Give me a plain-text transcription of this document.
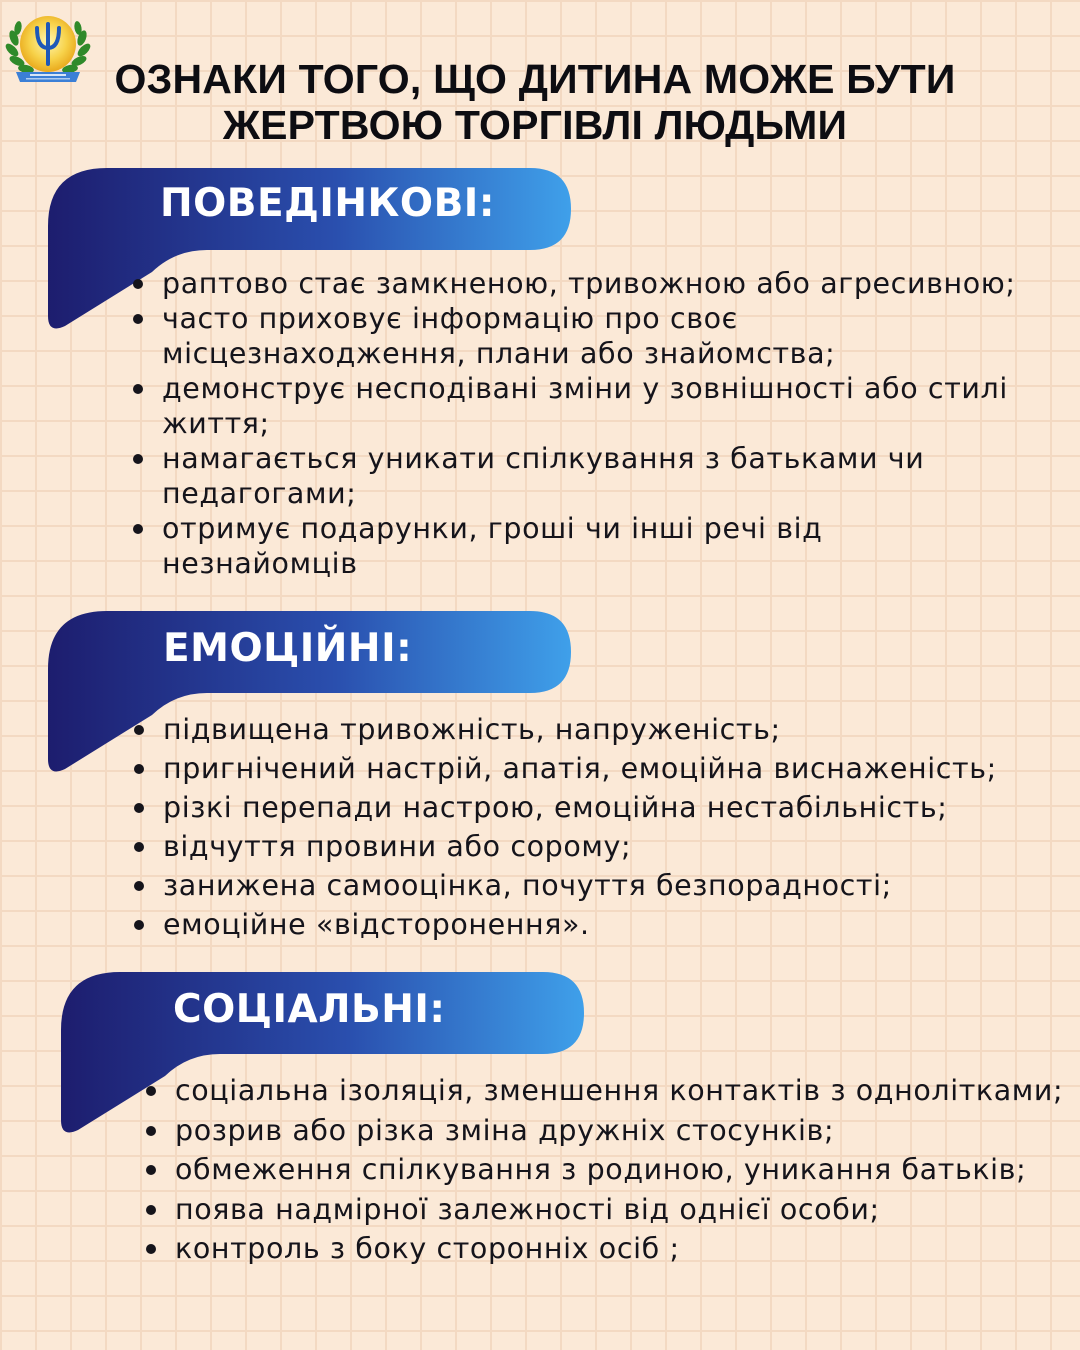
ОЗНАКИ ТОГО, ЩО ДИТИНА МОЖЕ БУТИ
ЖЕРТВОЮ ТОРГІВЛІ ЛЮДЬМИ
ПОВЕДІНКОВІ:
раптово стає замкненою, тривожною або агресивною;
часто приховує інформацію про своє місцезнаходження, плани або знайомства;
демонструє несподівані зміни у зовнішності або стилі життя;
намагається уникати спілкування з батьками чи педагогами;
отримує подарунки, гроші чи інші речі від незнайомців
ЕМОЦІЙНІ:
підвищена тривожність, напруженість;
пригнічений настрій, апатія, емоційна виснаженість;
різкі перепади настрою, емоційна нестабільність;
відчуття провини або сорому;
занижена самооцінка, почуття безпорадності;
емоційне «відсторонення».
СОЦІАЛЬНІ:
соціальна ізоляція, зменшення контактів з однолітками;
розрив або різка зміна дружніх стосунків;
обмеження спілкування з родиною, уникання батьків;
поява надмірної залежності від однієї особи;
контроль з боку сторонніх осіб ;
